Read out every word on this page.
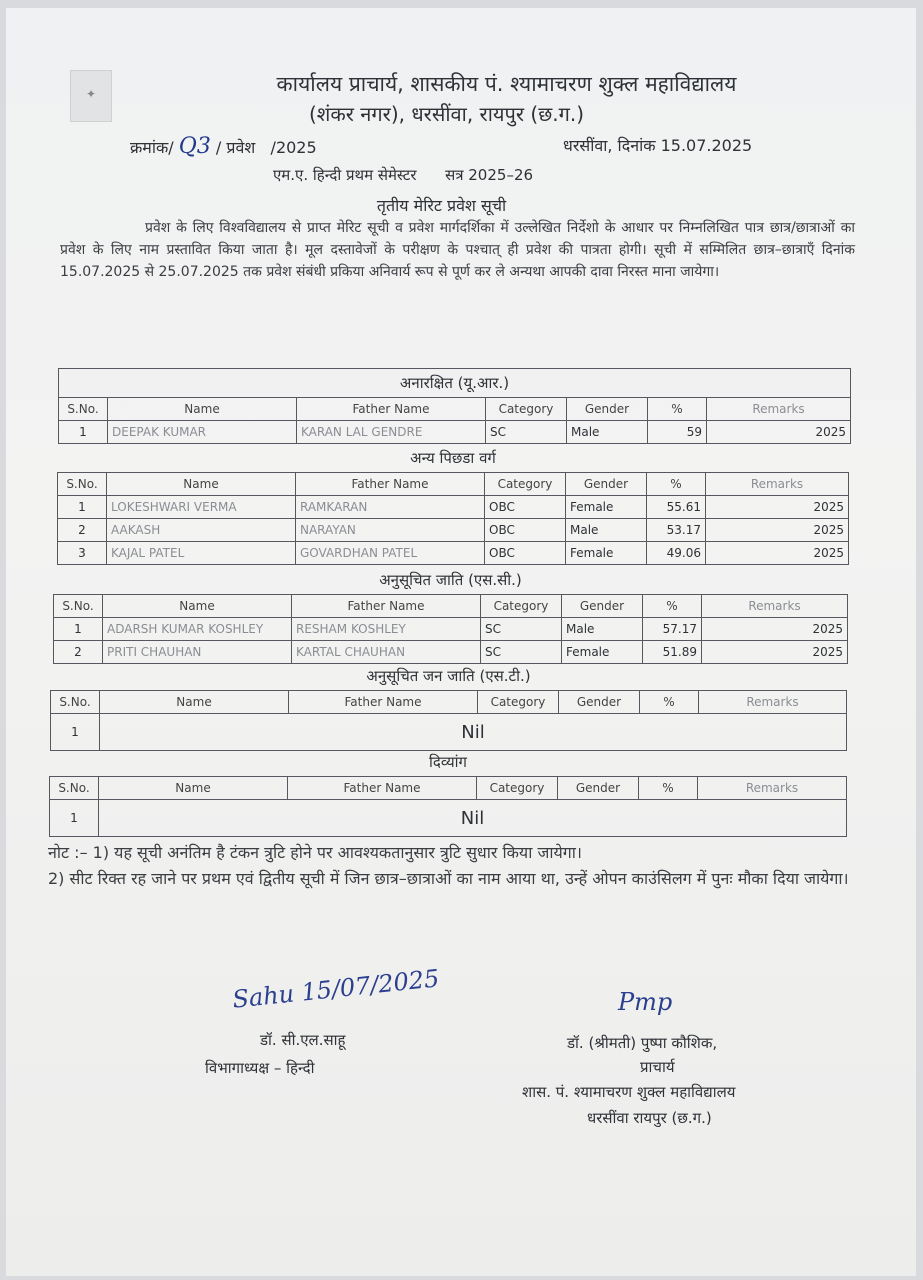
✦	कार्यालय प्राचार्य, शासकीय पं. श्यामाचरण शुक्ल महाविद्यालय
(शंकर नगर), धरसींवा, रायपुर (छ.ग.)
क्रमांक/ Q3 / प्रवेश /2025	धरसींवा, दिनांक 15.07.2025
एम.ए. हिन्दी प्रथम सेमेस्टर सत्र 2025–26
तृतीय मेरिट प्रवेश सूची
प्रवेश के लिए विश्वविद्यालय से प्राप्त मेरिट सूची व प्रवेश मार्गदर्शिका में उल्लेखित निर्देशो के आधार पर निम्नलिखित पात्र छात्र/छात्राओं का प्रवेश के लिए नाम प्रस्तावित किया जाता है। मूल दस्तावेजों के परीक्षण के पश्चात् ही प्रवेश की पात्रता होगी। सूची में सम्मिलित छात्र–छात्राएँ दिनांक 15.07.2025 से 25.07.2025 तक प्रवेश संबंधी प्रकिया अनिवार्य रूप से पूर्ण कर ले अन्यथा आपकी दावा निरस्त माना जायेगा।
अनारक्षित (यू.आर.)						
S.No.	Name	Father Name	Category	Gender	%	Remarks
1	DEEPAK KUMAR	KARAN LAL GENDRE	SC	Male	59	2025
अन्य पिछडा वर्ग						
S.No.	Name	Father Name	Category	Gender	%	Remarks
1	LOKESHWARI VERMA	RAMKARAN	OBC	Female	55.61	2025
2	AAKASH	NARAYAN	OBC	Male	53.17	2025
3	KAJAL PATEL	GOVARDHAN PATEL	OBC	Female	49.06	2025
अनुसूचित जाति (एस.सी.)						
S.No.	Name	Father Name	Category	Gender	%	Remarks
1	ADARSH KUMAR KOSHLEY	RESHAM KOSHLEY	SC	Male	57.17	2025
2	PRITI CHAUHAN	KARTAL CHAUHAN	SC	Female	51.89	2025
अनुसूचित जन जाति (एस.टी.)						
S.No.	Name	Father Name	Category	Gender	%	Remarks
1	Nil					
दिव्यांग						
S.No.	Name	Father Name	Category	Gender	%	Remarks
1	Nil					
नोट :– 1) यह सूची अनंतिम है टंकन त्रुटि होने पर आवश्यकतानुसार त्रुटि सुधार किया जायेगा।
2) सीट रिक्त रह जाने पर प्रथम एवं द्वितीय सूची में जिन छात्र–छात्राओं का नाम आया था, उन्हें ओपन काउंसिलग में पुनः मौका दिया जायेगा।
Sahu 15/07/2025
डॉ. सी.एल.साहू
विभागाध्यक्ष – हिन्दी
Pmp
डॉ. (श्रीमती) पुष्पा कौशिक,
प्राचार्य
शास. पं. श्यामाचरण शुक्ल महाविद्यालय
धरसींवा रायपुर (छ.ग.)
